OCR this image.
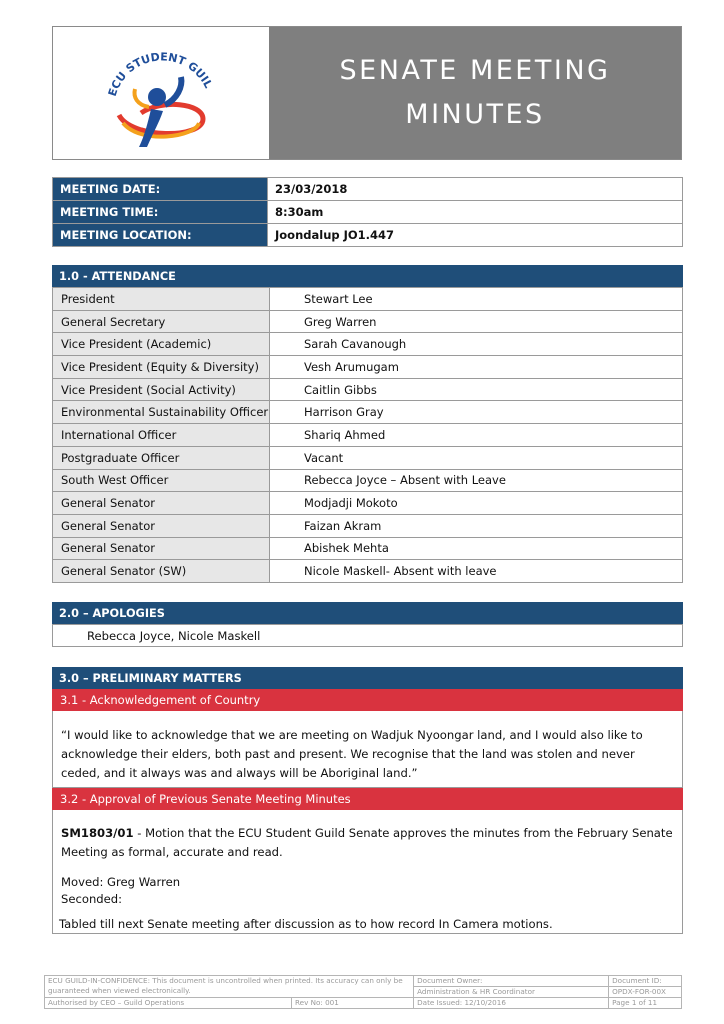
ECU STUDENT GUIL	SENATE MEETING MINUTES
MEETING DATE:	23/03/2018
MEETING TIME:	8:30am
MEETING LOCATION:	Joondalup JO1.447
1.0 - ATTENDANCE
President	Stewart Lee
General Secretary	Greg Warren
Vice President (Academic)	Sarah Cavanough
Vice President (Equity & Diversity)	Vesh Arumugam
Vice President (Social Activity)	Caitlin Gibbs
Environmental Sustainability Officer	Harrison Gray
International Officer	Shariq Ahmed
Postgraduate Officer	Vacant
South West Officer	Rebecca Joyce – Absent with Leave
General Senator	Modjadji Mokoto
General Senator	Faizan Akram
General Senator	Abishek Mehta
General Senator (SW)	Nicole Maskell- Absent with leave
2.0 – APOLOGIES
Rebecca Joyce, Nicole Maskell
3.0 – PRELIMINARY MATTERS
3.1 - Acknowledgement of Country
“I would like to acknowledge that we are meeting on Wadjuk Nyoongar land, and I would also like to acknowledge their elders, both past and present. We recognise that the land was stolen and never ceded, and it always was and always will be Aboriginal land.”
3.2 - Approval of Previous Senate Meeting Minutes
SM1803/01 - Motion that the ECU Student Guild Senate approves the minutes from the February Senate Meeting as formal, accurate and read.
Moved: Greg Warren
Seconded:
Tabled till next Senate meeting after discussion as to how record In Camera motions.
ECU GUILD-IN-CONFIDENCE: This document is uncontrolled when printed. Its accuracy can only be guaranteed when viewed electronically.		Document Owner:	Document ID:
		Administration & HR Coordinator	OPDX-FOR-00X
Authorised by CEO – Guild Operations	Rev No: 001	Date Issued: 12/10/2016	Page 1 of 11
